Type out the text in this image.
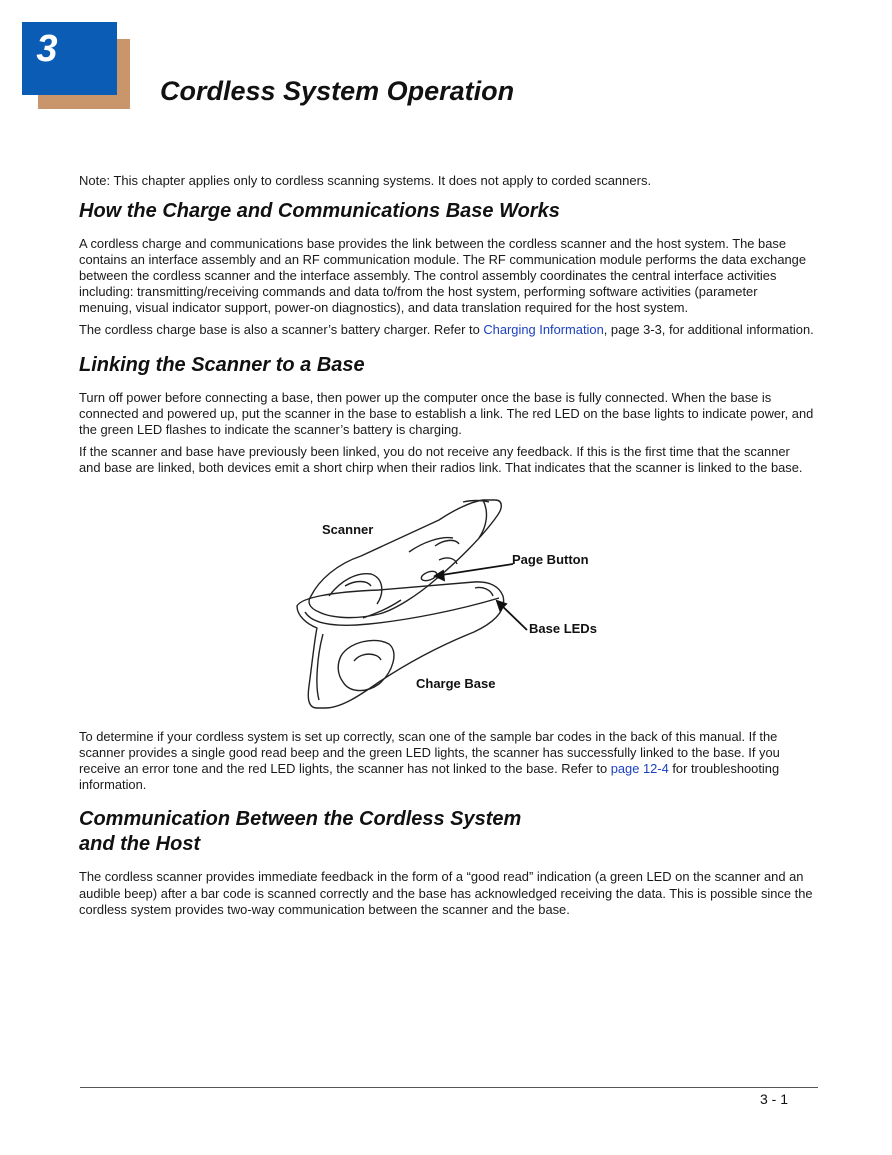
3
Cordless System Operation

Note: This chapter applies only to cordless scanning systems. It does not apply to corded scanners.

How the Charge and Communications Base Works

A cordless charge and communications base provides the link between the cordless scanner and the host system. The base contains an interface assembly and an RF communication module. The RF communication module performs the data exchange between the cordless scanner and the interface assembly. The control assembly coordinates the central interface activities including: transmitting/receiving commands and data to/from the host system, performing software activities (parameter menuing, visual indicator support, power-on diagnostics), and data translation required for the host system.

The cordless charge base is also a scanner’s battery charger. Refer to Charging Information, page 3-3, for additional information.

Linking the Scanner to a Base

Turn off power before connecting a base, then power up the computer once the base is fully connected. When the base is connected and powered up, put the scanner in the base to establish a link. The red LED on the base lights to indicate power, and the green LED flashes to indicate the scanner’s battery is charging.

If the scanner and base have previously been linked, you do not receive any feedback. If this is the first time that the scanner and base are linked, both devices emit a short chirp when their radios link. That indicates that the scanner is linked to the base.

Scanner
Page Button
Base LEDs
Charge Base

To determine if your cordless system is set up correctly, scan one of the sample bar codes in the back of this manual. If the scanner provides a single good read beep and the green LED lights, the scanner has successfully linked to the base. If you receive an error tone and the red LED lights, the scanner has not linked to the base. Refer to page 12-4 for troubleshooting information.

Communication Between the Cordless System
and the Host

The cordless scanner provides immediate feedback in the form of a “good read” indication (a green LED on the scanner and an audible beep) after a bar code is scanned correctly and the base has acknowledged receiving the data. This is possible since the cordless system provides two-way communication between the scanner and the base.

3 - 1
